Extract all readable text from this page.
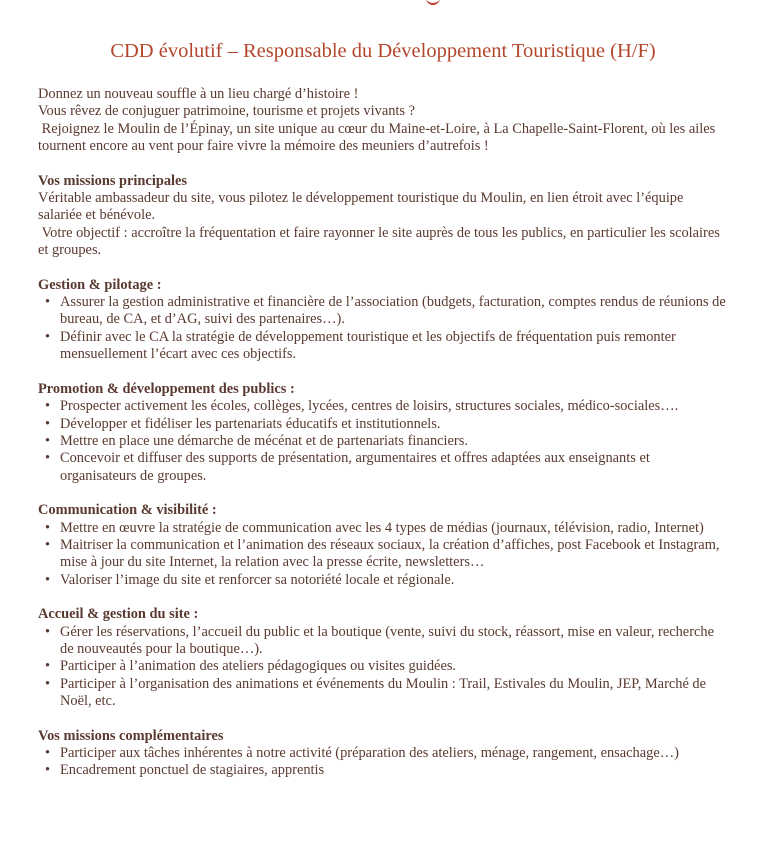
CDD évolutif – Responsable du Développement Touristique (H/F)

Donnez un nouveau souffle à un lieu chargé d’histoire !

Vous rêvez de conjuguer patrimoine, tourisme et projets vivants ?

Rejoignez le Moulin de l’Épinay, un site unique au cœur du Maine-et-Loire, à La Chapelle-Saint-Florent, où les ailes tournent encore au vent pour faire vivre la mémoire des meuniers d’autrefois !

Vos missions principales

Véritable ambassadeur du site, vous pilotez le développement touristique du Moulin, en lien étroit avec l’équipe salariée et bénévole.

Votre objectif : accroître la fréquentation et faire rayonner le site auprès de tous les publics, en particulier les scolaires et groupes.

Gestion & pilotage :

• Assurer la gestion administrative et financière de l’association (budgets, facturation, comptes rendus de réunions de bureau, de CA, et d’AG, suivi des partenaires…).
• Définir avec le CA la stratégie de développement touristique et les objectifs de fréquentation puis remonter mensuellement l’écart avec ces objectifs.

Promotion & développement des publics :

• Prospecter activement les écoles, collèges, lycées, centres de loisirs, structures sociales, médico-sociales….
• Développer et fidéliser les partenariats éducatifs et institutionnels.
• Mettre en place une démarche de mécénat et de partenariats financiers.
• Concevoir et diffuser des supports de présentation, argumentaires et offres adaptées aux enseignants et organisateurs de groupes.

Communication & visibilité :

• Mettre en œuvre la stratégie de communication avec les 4 types de médias (journaux, télévision, radio, Internet)
• Maitriser la communication et l’animation des réseaux sociaux, la création d’affiches, post Facebook et Instagram, mise à jour du site Internet, la relation avec la presse écrite, newsletters…
• Valoriser l’image du site et renforcer sa notoriété locale et régionale.

Accueil & gestion du site :

• Gérer les réservations, l’accueil du public et la boutique (vente, suivi du stock, réassort, mise en valeur, recherche de nouveautés pour la boutique…).
• Participer à l’animation des ateliers pédagogiques ou visites guidées.
• Participer à l’organisation des animations et événements du Moulin : Trail, Estivales du Moulin, JEP, Marché de Noël, etc.

Vos missions complémentaires

• Participer aux tâches inhérentes à notre activité (préparation des ateliers, ménage, rangement, ensachage…)
• Encadrement ponctuel de stagiaires, apprentis
